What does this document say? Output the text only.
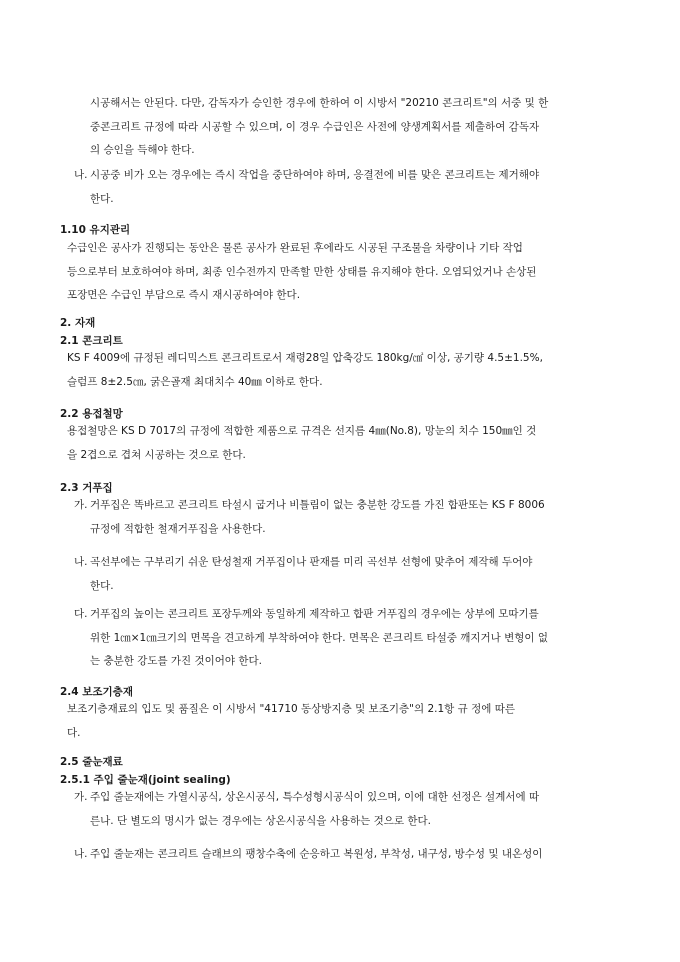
시공해서는 안된다. 다만, 감독자가 승인한 경우에 한하여 이 시방서 "20210 콘크리트"의 서중 및 한
중콘크리트 규정에 따라 시공할 수 있으며, 이 경우 수급인은 사전에 양생계획서를 제출하여 감독자
의 승인을 득해야 한다.
나. 시공중 비가 오는 경우에는 즉시 작업을 중단하여야 하며, 응결전에 비를 맞은 콘크리트는 제거해야
한다.
1.10 유지관리
수급인은 공사가 진행되는 동안은 물론 공사가 완료된 후에라도 시공된 구조물을 차량이나 기타 작업
등으로부터 보호하여야 하며, 최종 인수전까지 만족할 만한 상태를 유지해야 한다. 오염되었거나 손상된
포장면은 수급인 부담으로 즉시 재시공하여야 한다.
2. 자재
2.1 콘크리트
KS F 4009에 규정된 레디믹스트 콘크리트로서 재령28일 압축강도 180kg/㎠ 이상, 공기량 4.5±1.5%,
슬럼프 8±2.5㎝, 굵은골재 최대치수 40㎜ 이하로 한다.
2.2 용접철망
용접철망은 KS D 7017의 규정에 적합한 제품으로 규격은 선지름 4㎜(No.8), 망눈의 치수 150㎜인 것
을 2겹으로 겹쳐 시공하는 것으로 한다.
2.3 거푸집
가. 거푸집은 똑바르고 콘크리트 타설시 굽거나 비틀림이 없는 충분한 강도를 가진 합판또는 KS F 8006
규정에 적합한 철재거푸집을 사용한다.
나. 곡선부에는 구부리기 쉬운 탄성철재 거푸집이나 판재를 미리 곡선부 선형에 맞추어 제작해 두어야
한다.
다. 거푸집의 높이는 콘크리트 포장두께와 동일하게 제작하고 합판 거푸집의 경우에는 상부에 모따기를
위한 1㎝×1㎝크기의 면목을 견고하게 부착하여야 한다. 면목은 콘크리트 타설중 깨지거나 변형이 없
는 충분한 강도를 가진 것이어야 한다.
2.4 보조기층재
보조기층재료의 입도 및 품질은 이 시방서 "41710 동상방지층 및 보조기층"의 2.1항 규 정에 따른
다.
2.5 줄눈재료
2.5.1 주입 줄눈재(joint sealing)
가. 주입 줄눈재에는 가열시공식, 상온시공식, 특수성형시공식이 있으며, 이에 대한 선정은 설계서에 따
른나. 단 별도의 명시가 없는 경우에는 상온시공식을 사용하는 것으로 한다.
나. 주입 줄눈재는 콘크리트 슬래브의 팽창수축에 순응하고 복원성, 부착성, 내구성, 방수성 및 내온성이
